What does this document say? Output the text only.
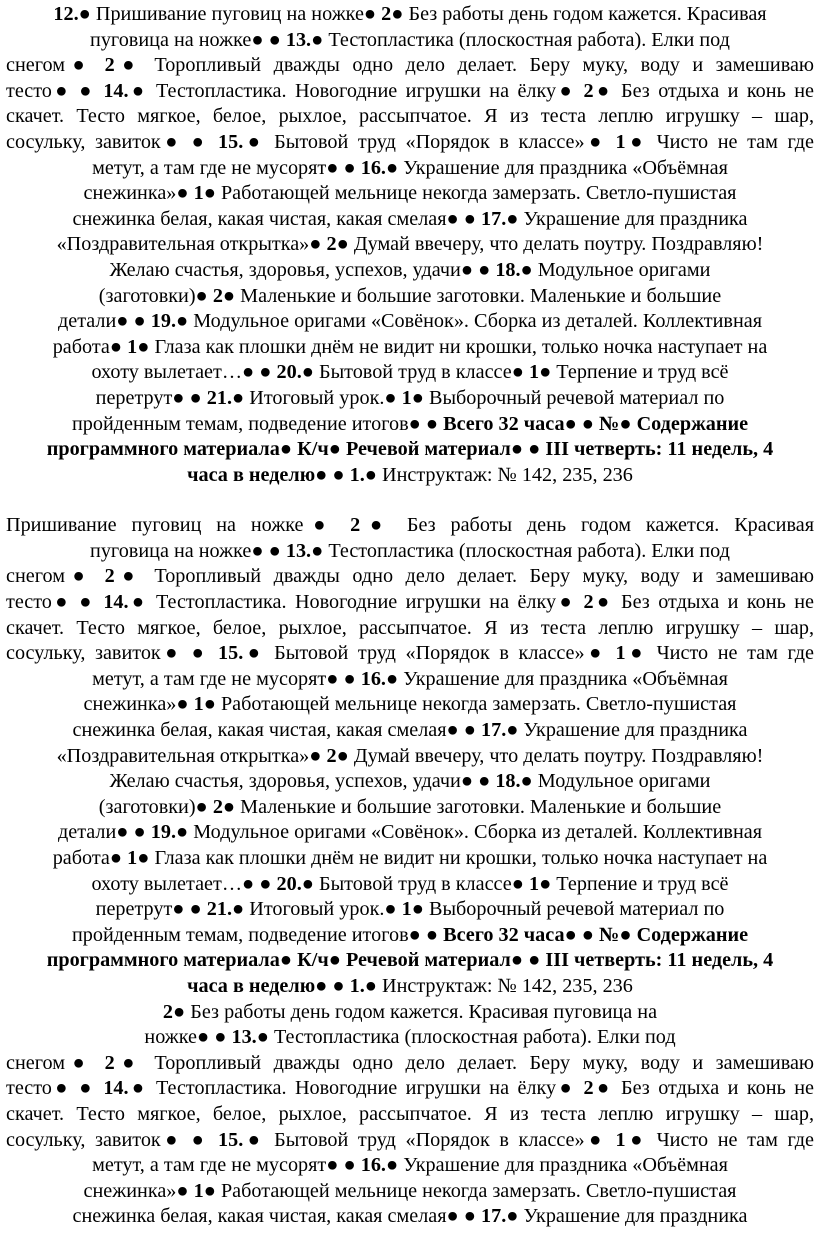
12.● Пришивание пуговиц на ножке● 2● Без работы день годом кажется. Красивая
пуговица на ножке● ● 13.● Тестопластика (плоскостная работа). Елки под
снегом● 2● Торопливый дважды одно дело делает. Беру муку, воду и замешиваю
тесто● ● 14.● Тестопластика. Новогодние игрушки на ёлку● 2● Без отдыха и конь не
скачет. Тесто мягкое, белое, рыхлое, рассыпчатое. Я из теста леплю игрушку – шар,
сосульку, завиток● ● 15.● Бытовой труд «Порядок в классе»● 1● Чисто не там где
метут, а там где не мусорят● ● 16.● Украшение для праздника «Объёмная
снежинка»● 1● Работающей мельнице некогда замерзать. Светло-пушистая
снежинка белая, какая чистая, какая смелая● ● 17.● Украшение для праздника
«Поздравительная открытка»● 2● Думай ввечеру, что делать поутру. Поздравляю!
Желаю счастья, здоровья, успехов, удачи● ● 18.● Модульное оригами
(заготовки)● 2● Маленькие и большие заготовки. Маленькие и большие
детали● ● 19.● Модульное оригами «Совёнок». Сборка из деталей. Коллективная
работа● 1● Глаза как плошки днём не видит ни крошки, только ночка наступает на
охоту вылетает…● ● 20.● Бытовой труд в классе● 1● Терпение и труд всё
перетрут● ● 21.● Итоговый урок.● 1● Выборочный речевой материал по
пройденным темам, подведение итогов● ● Всего 32 часа● ● №● Содержание
программного материала● К/ч● Речевой материал● ● III четверть: 11 недель, 4
часа в неделю● ● 1.● Инструктаж: № 142, 235, 236
Пришивание пуговиц на ножке● 2● Без работы день годом кажется. Красивая
пуговица на ножке● ● 13.● Тестопластика (плоскостная работа). Елки под
снегом● 2● Торопливый дважды одно дело делает. Беру муку, воду и замешиваю
тесто● ● 14.● Тестопластика. Новогодние игрушки на ёлку● 2● Без отдыха и конь не
скачет. Тесто мягкое, белое, рыхлое, рассыпчатое. Я из теста леплю игрушку – шар,
сосульку, завиток● ● 15.● Бытовой труд «Порядок в классе»● 1● Чисто не там где
метут, а там где не мусорят● ● 16.● Украшение для праздника «Объёмная
снежинка»● 1● Работающей мельнице некогда замерзать. Светло-пушистая
снежинка белая, какая чистая, какая смелая● ● 17.● Украшение для праздника
«Поздравительная открытка»● 2● Думай ввечеру, что делать поутру. Поздравляю!
Желаю счастья, здоровья, успехов, удачи● ● 18.● Модульное оригами
(заготовки)● 2● Маленькие и большие заготовки. Маленькие и большие
детали● ● 19.● Модульное оригами «Совёнок». Сборка из деталей. Коллективная
работа● 1● Глаза как плошки днём не видит ни крошки, только ночка наступает на
охоту вылетает…● ● 20.● Бытовой труд в классе● 1● Терпение и труд всё
перетрут● ● 21.● Итоговый урок.● 1● Выборочный речевой материал по
пройденным темам, подведение итогов● ● Всего 32 часа● ● №● Содержание
программного материала● К/ч● Речевой материал● ● III четверть: 11 недель, 4
часа в неделю● ● 1.● Инструктаж: № 142, 235, 236
2● Без работы день годом кажется. Красивая пуговица на
ножке● ● 13.● Тестопластика (плоскостная работа). Елки под
снегом● 2● Торопливый дважды одно дело делает. Беру муку, воду и замешиваю
тесто● ● 14.● Тестопластика. Новогодние игрушки на ёлку● 2● Без отдыха и конь не
скачет. Тесто мягкое, белое, рыхлое, рассыпчатое. Я из теста леплю игрушку – шар,
сосульку, завиток● ● 15.● Бытовой труд «Порядок в классе»● 1● Чисто не там где
метут, а там где не мусорят● ● 16.● Украшение для праздника «Объёмная
снежинка»● 1● Работающей мельнице некогда замерзать. Светло-пушистая
снежинка белая, какая чистая, какая смелая● ● 17.● Украшение для праздника
